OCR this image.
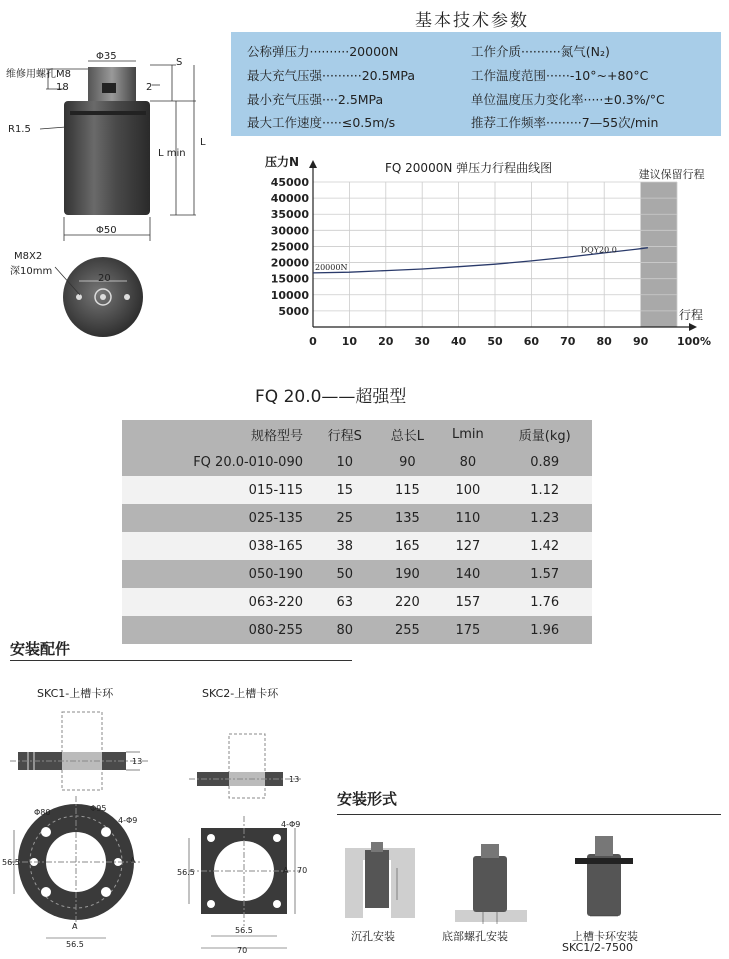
基本技术参数
公称弹压力··········20000N	工作介质··········氮气(N₂)
最大充气压强··········20.5MPa	工作温度范围······-10°~+80°C
最小充气压强····2.5MPa	单位温度压力变化率·····±0.3%/°C
最大工作速度·····≤0.5m/s	推荐工作频率·········7—55次/min
维修用螺孔M8
Φ35
S
18	2
R1.5
L min
L
Φ50
M8X2
深10mm
20
45000
40000
35000
30000
25000
20000
15000
10000
5000
0 10 20 30 40 50 60 70 80 90	100%
压力N
行程
FQ 20000N 弹压力行程曲线图	建议保留行程
20000N
DQY20.0
FQ 20.0——超强型
规格型号	行程S	总长L	Lmin	质量(kg)
FQ 20.0-010-090	10	90	80	0.89
015-115	15	115	100	1.12
025-135	25	135	110	1.23
038-165	38	165	127	1.42
050-190	50	190	140	1.57
063-220	63	220	157	1.76
080-255	80	255	175	1.96
安装配件
SKC1-上槽卡环	SKC2-上槽卡环
13
Φ80	Φ95
4-Φ9
56.5	A
A
56.5
13
4-Φ9
56.5	A 70
56.5
70
安装形式
沉孔安装	底部螺孔安装	上槽卡环安装
SKC1/2-7500
